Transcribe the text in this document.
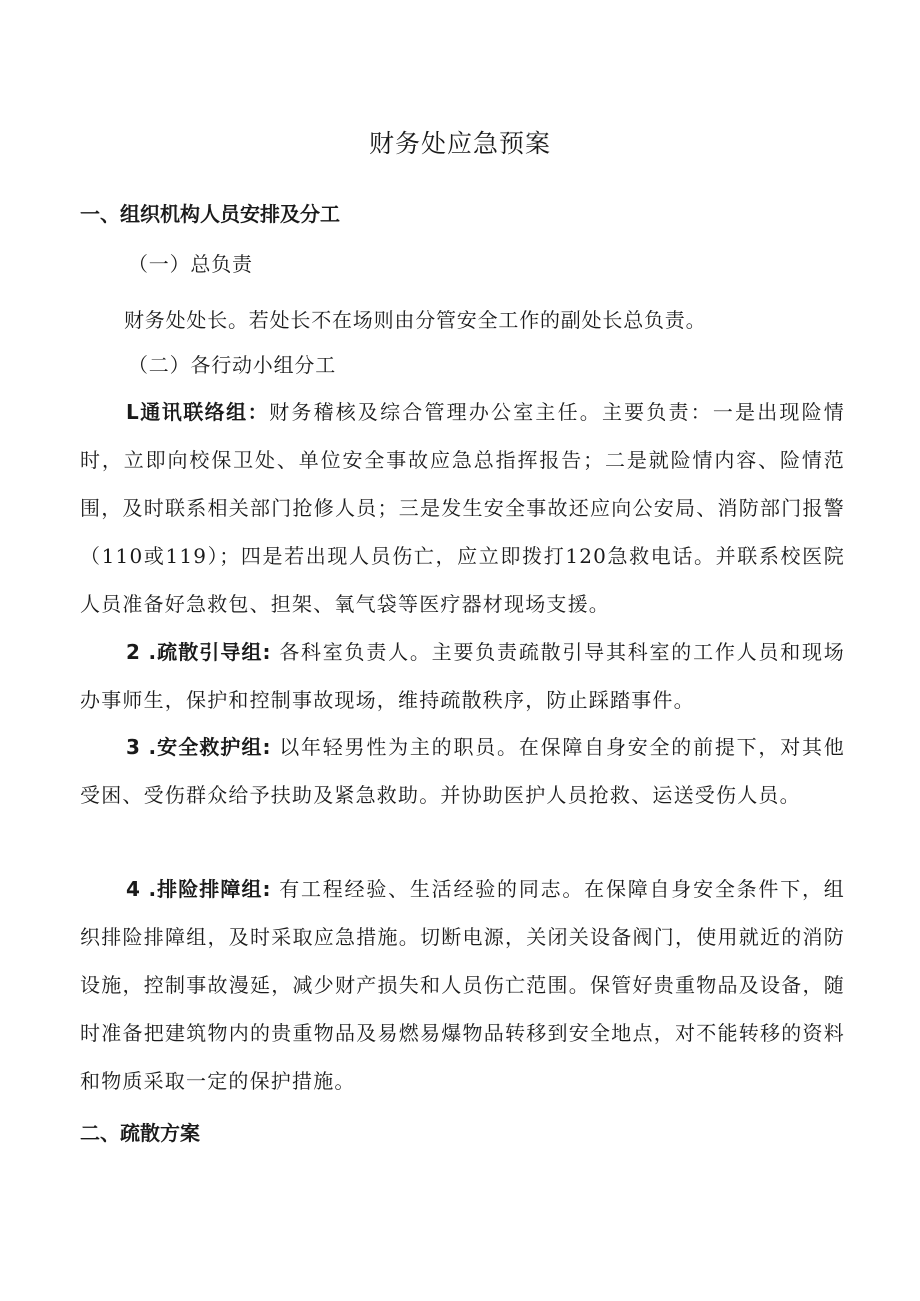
财务处应急预案
一、组织机构人员安排及分工

（一）总负责

财务处处长。若处长不在场则由分管安全工作的副处长总负责。

（二）各行动小组分工

L通讯联络组：财务稽核及综合管理办公室主任。主要负责：一是出现险情时，立即向校保卫处、单位安全事故应急总指挥报告；二是就险情内容、险情范围，及时联系相关部门抢修人员；三是发生安全事故还应向公安局、消防部门报警（110或119）；四是若出现人员伤亡，应立即拨打120急救电话。并联系校医院人员准备好急救包、担架、氧气袋等医疗器材现场支援。

2 .疏散引导组: 各科室负责人。主要负责疏散引导其科室的工作人员和现场办事师生，保护和控制事故现场，维持疏散秩序，防止踩踏事件。

3 .安全救护组: 以年轻男性为主的职员。在保障自身安全的前提下，对其他受困、受伤群众给予扶助及紧急救助。并协助医护人员抢救、运送受伤人员。

4 .排险排障组: 有工程经验、生活经验的同志。在保障自身安全条件下，组织排险排障组，及时采取应急措施。切断电源，关闭关设备阀门，使用就近的消防设施，控制事故漫延，减少财产损失和人员伤亡范围。保管好贵重物品及设备，随时准备把建筑物内的贵重物品及易燃易爆物品转移到安全地点，对不能转移的资料和物质采取一定的保护措施。

二、疏散方案
